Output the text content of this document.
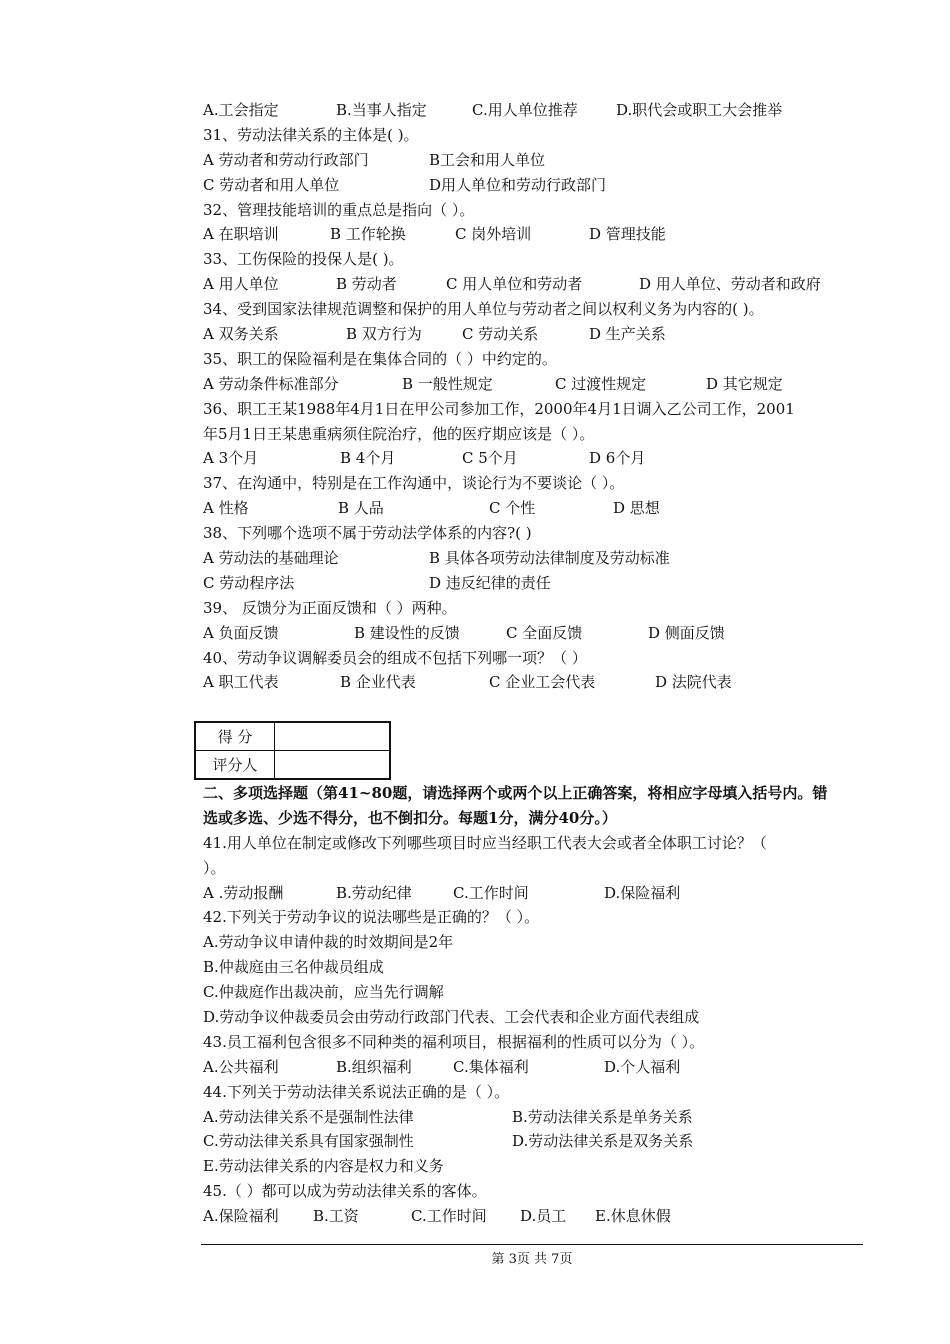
A.工会指定	B.当事人指定	C.用人单位推荐	D.职代会或职工大会推举
31、劳动法律关系的主体是( )。
A 劳动者和劳动行政部门	B工会和用人单位
C 劳动者和用人单位	D用人单位和劳动行政部门
32、管理技能培训的重点总是指向（ ）。
A 在职培训	B 工作轮换	C 岗外培训	D 管理技能
33、工伤保险的投保人是( )。
A 用人单位	B 劳动者	C 用人单位和劳动者	D 用人单位、劳动者和政府
34、受到国家法律规范调整和保护的用人单位与劳动者之间以权利义务为内容的( )。
A 双务关系	B 双方行为	C 劳动关系	D 生产关系
35、职工的保险福利是在集体合同的（ ）中约定的。
A 劳动条件标准部分	B 一般性规定	C 过渡性规定	D 其它规定
36、职工王某1988年4月1日在甲公司参加工作，2000年4月1日调入乙公司工作，2001
年5月1日王某患重病须住院治疗，他的医疗期应该是（ ）。
A 3个月	B 4个月	C 5个月	D 6个月
37、在沟通中，特别是在工作沟通中，谈论行为不要谈论（ ）。
A 性格	B 人品	C 个性	D 思想
38、下列哪个选项不属于劳动法学体系的内容?( )
A 劳动法的基础理论	B 具体各项劳动法律制度及劳动标准
C 劳动程序法	D 违反纪律的责任
39、 反馈分为正面反馈和（ ）两种。
A 负面反馈	B 建设性的反馈	C 全面反馈	D 侧面反馈
40、劳动争议调解委员会的组成不包括下列哪一项？（ ）
A 职工代表	B 企业代表	C 企业工会代表	D 法院代表
得 分	
评分人	
二、多项选择题（第41~80题，请选择两个或两个以上正确答案，将相应字母填入括号内。错
选或多选、少选不得分，也不倒扣分。每题1分，满分40分。）
41.用人单位在制定或修改下列哪些项目时应当经职工代表大会或者全体职工讨论？（
）。
A .劳动报酬	B.劳动纪律	C.工作时间	D.保险福利
42.下列关于劳动争议的说法哪些是正确的？（ ）。
A.劳动争议申请仲裁的时效期间是2年
B.仲裁庭由三名仲裁员组成
C.仲裁庭作出裁决前，应当先行调解
D.劳动争议仲裁委员会由劳动行政部门代表、工会代表和企业方面代表组成
43.员工福利包含很多不同种类的福利项目，根据福利的性质可以分为（ ）。
A.公共福利	B.组织福利	C.集体福利	D.个人福利
44.下列关于劳动法律关系说法正确的是（ ）。
A.劳动法律关系不是强制性法律	B.劳动法律关系是单务关系
C.劳动法律关系具有国家强制性	D.劳动法律关系是双务关系
E.劳动法律关系的内容是权力和义务
45.（ ）都可以成为劳动法律关系的客体。
A.保险福利 B.工资	C.工作时间 D.员工 E.休息休假
第 3页 共 7页
